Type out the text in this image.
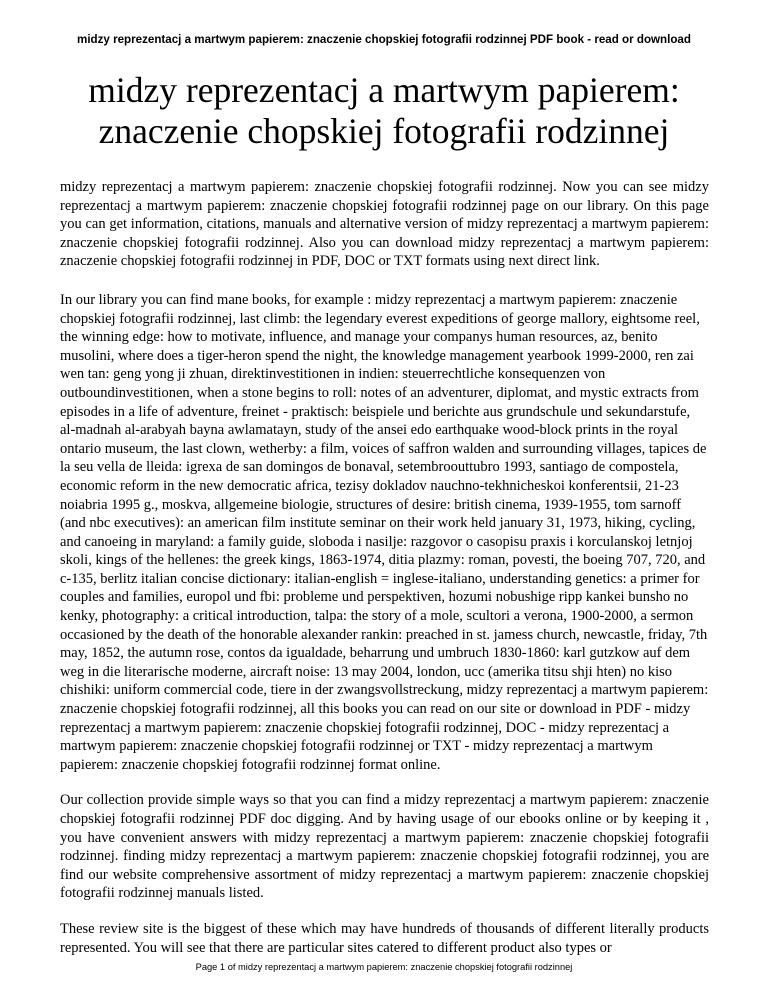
midzy reprezentacj a martwym papierem: znaczenie chopskiej fotografii rodzinnej PDF book - read or download
midzy reprezentacj a martwym papierem: znaczenie chopskiej fotografii rodzinnej

midzy reprezentacj a martwym papierem: znaczenie chopskiej fotografii rodzinnej. Now you can see midzy reprezentacj a martwym papierem: znaczenie chopskiej fotografii rodzinnej page on our library. On this page you can get information, citations, manuals and alternative version of midzy reprezentacj a martwym papierem: znaczenie chopskiej fotografii rodzinnej. Also you can download midzy reprezentacj a martwym papierem: znaczenie chopskiej fotografii rodzinnej in PDF, DOC or TXT formats using next direct link.

In our library you can find mane books, for example : midzy reprezentacj a martwym papierem: znaczenie chopskiej fotografii rodzinnej, last climb: the legendary everest expeditions of george mallory, eightsome reel, the winning edge: how to motivate, influence, and manage your companys human resources, az, benito musolini, where does a tiger-heron spend the night, the knowledge management yearbook 1999-2000, ren zai wen tan: geng yong ji zhuan, direktinvestitionen in indien: steuerrechtliche konsequenzen von outboundinvestitionen, when a stone begins to roll: notes of an adventurer, diplomat, and mystic extracts from episodes in a life of adventure, freinet - praktisch: beispiele und berichte aus grundschule und sekundarstufe, al-madnah al-arabyah bayna awlamatayn, study of the ansei edo earthquake wood-block prints in the royal ontario museum, the last clown, wetherby: a film, voices of saffron walden and surrounding villages, tapices de la seu vella de lleida: igrexa de san domingos de bonaval, setembroouttubro 1993, santiago de compostela, economic reform in the new democratic africa, tezisy dokladov nauchno-tekhnicheskoi konferentsii, 21-23 noiabria 1995 g., moskva, allgemeine biologie, structures of desire: british cinema, 1939-1955, tom sarnoff (and nbc executives): an american film institute seminar on their work held january 31, 1973, hiking, cycling, and canoeing in maryland: a family guide, sloboda i nasilje: razgovor o casopisu praxis i korculanskoj letnjoj skoli, kings of the hellenes: the greek kings, 1863-1974, ditia plazmy: roman, povesti, the boeing 707, 720, and c-135, berlitz italian concise dictionary: italian-english = inglese-italiano, understanding genetics: a primer for couples and families, europol und fbi: probleme und perspektiven, hozumi nobushige ripp kankei bunsho no kenky, photography: a critical introduction, talpa: the story of a mole, scultori a verona, 1900-2000, a sermon occasioned by the death of the honorable alexander rankin: preached in st. jamess church, newcastle, friday, 7th may, 1852, the autumn rose, contos da igualdade, beharrung und umbruch 1830-1860: karl gutzkow auf dem weg in die literarische moderne, aircraft noise: 13 may 2004, london, ucc (amerika titsu shji hten) no kiso chishiki: uniform commercial code, tiere in der zwangsvollstreckung, midzy reprezentacj a martwym papierem: znaczenie chopskiej fotografii rodzinnej, all this books you can read on our site or download in PDF - midzy reprezentacj a martwym papierem: znaczenie chopskiej fotografii rodzinnej, DOC - midzy reprezentacj a martwym papierem: znaczenie chopskiej fotografii rodzinnej or TXT - midzy reprezentacj a martwym papierem: znaczenie chopskiej fotografii rodzinnej format online.

Our collection provide simple ways so that you can find a midzy reprezentacj a martwym papierem: znaczenie chopskiej fotografii rodzinnej PDF doc digging. And by having usage of our ebooks online or by keeping it , you have convenient answers with midzy reprezentacj a martwym papierem: znaczenie chopskiej fotografii rodzinnej. finding midzy reprezentacj a martwym papierem: znaczenie chopskiej fotografii rodzinnej, you are find our website comprehensive assortment of midzy reprezentacj a martwym papierem: znaczenie chopskiej fotografii rodzinnej manuals listed.

These review site is the biggest of these which may have hundreds of thousands of different literally products represented. You will see that there are particular sites catered to different product also types or

Page 1 of midzy reprezentacj a martwym papierem: znaczenie chopskiej fotografii rodzinnej
